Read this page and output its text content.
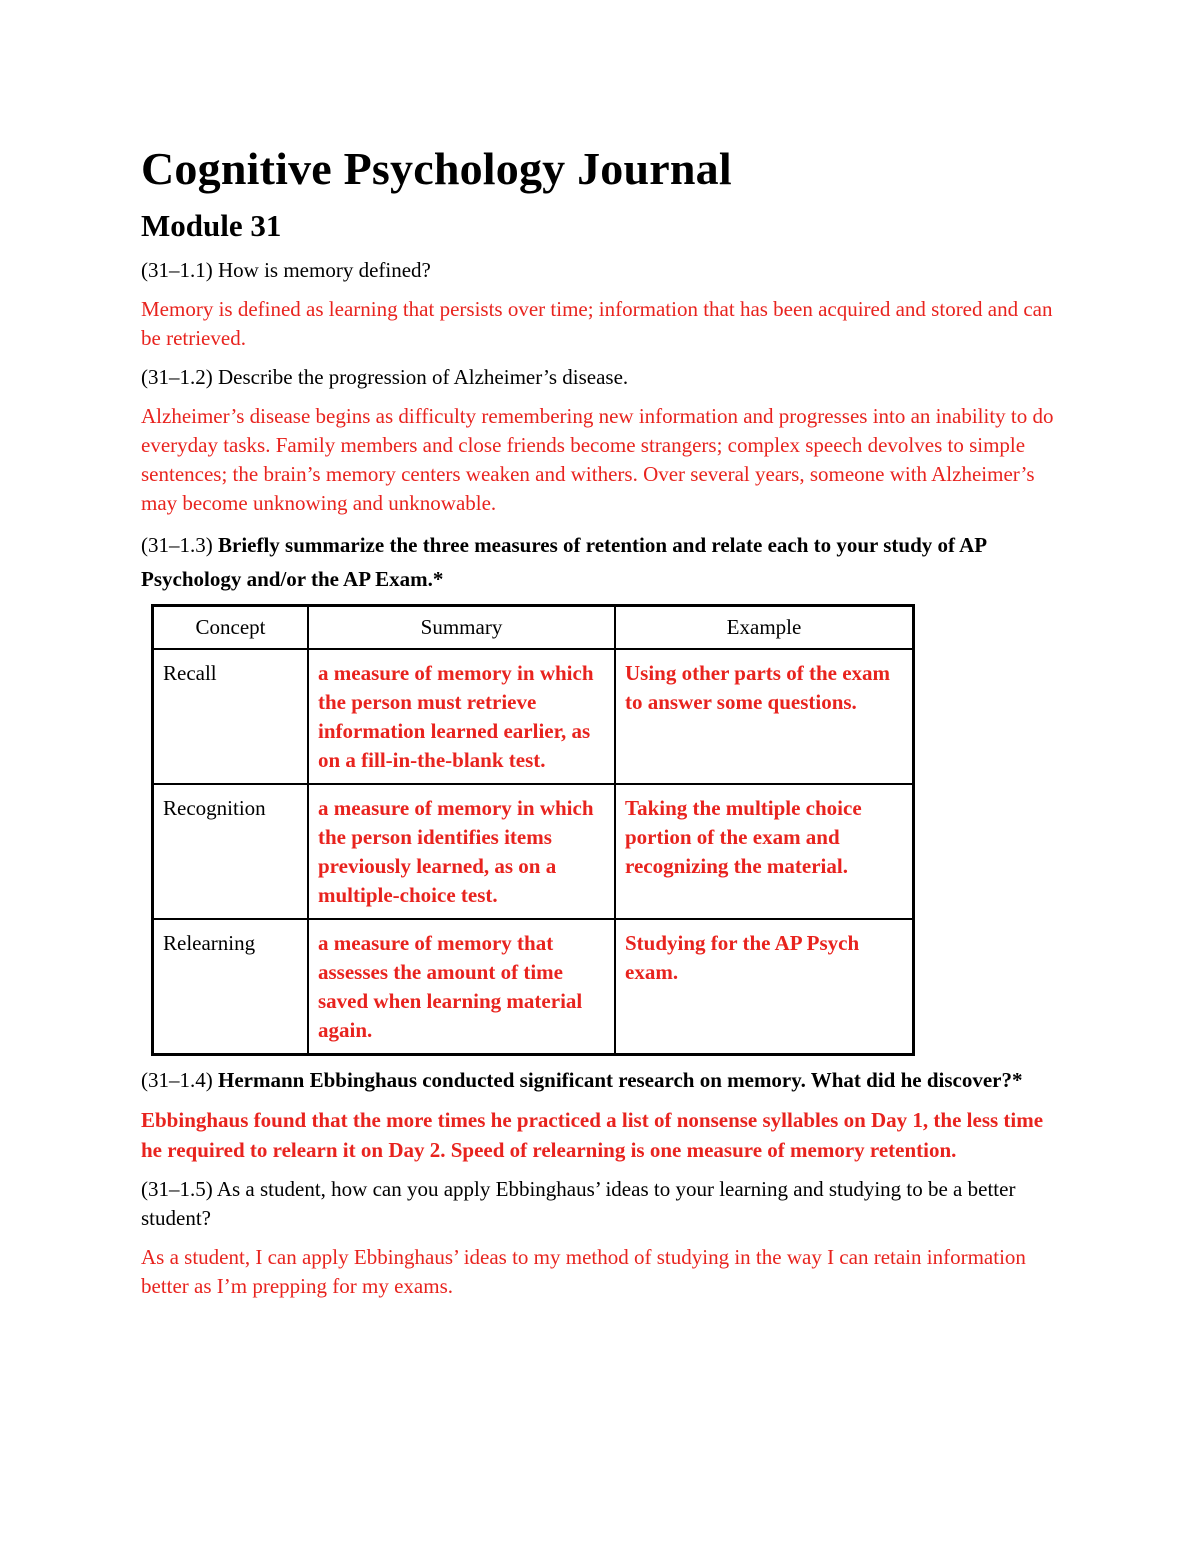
Cognitive Psychology Journal
Module 31

(31–1.1) How is memory defined?

Memory is defined as learning that persists over time; information that has been acquired and stored and can be retrieved.

(31–1.2) Describe the progression of Alzheimer’s disease.

Alzheimer’s disease begins as difficulty remembering new information and progresses into an inability to do everyday tasks. Family members and close friends become strangers; complex speech devolves to simple sentences; the brain’s memory centers weaken and withers. Over several years, someone with Alzheimer’s may become unknowing and unknowable.

(31–1.3) Briefly summarize the three measures of retention and relate each to your study of AP Psychology and/or the AP Exam.*

Concept	Summary	Example
Recall	a measure of memory in which the person must retrieve information learned earlier, as on a fill-in-the-blank test.	Using other parts of the exam to answer some questions.
Recognition	a measure of memory in which the person identifies items previously learned, as on a multiple-choice test.	Taking the multiple choice portion of the exam and recognizing the material.
Relearning	a measure of memory that assesses the amount of time saved when learning material again.	Studying for the AP Psych exam.

(31–1.4) Hermann Ebbinghaus conducted significant research on memory. What did he discover?*

Ebbinghaus found that the more times he practiced a list of nonsense syllables on Day 1, the less time he required to relearn it on Day 2. Speed of relearning is one measure of memory retention.

(31–1.5) As a student, how can you apply Ebbinghaus’ ideas to your learning and studying to be a better student?

As a student, I can apply Ebbinghaus’ ideas to my method of studying in the way I can retain information better as I’m prepping for my exams.
